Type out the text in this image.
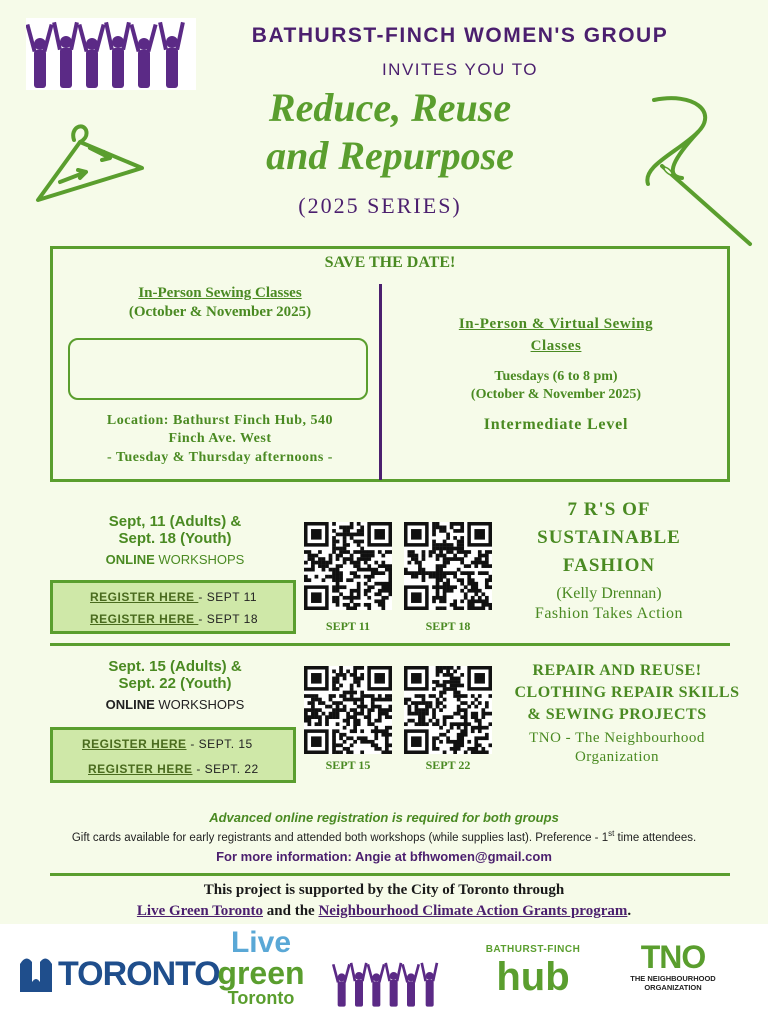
BATHURST-FINCH WOMEN'S GROUP
INVITES YOU TO
Reduce, Reuse
and Repurpose
(2025 SERIES)
SAVE THE DATE!
In-Person Sewing Classes
(October & November 2025)
Location: Bathurst Finch Hub, 540
Finch Ave. West
- Tuesday & Thursday afternoons -
In-Person & Virtual Sewing
Classes
Tuesdays (6 to 8 pm)
(October & November 2025)
Intermediate Level
Sept, 11 (Adults) &
Sept. 18 (Youth)
ONLINE WORKSHOPS
REGISTER HERE - SEPT 11
REGISTER HERE - SEPT 18	SEPT 11	SEPT 18
7 R'S OF
SUSTAINABLE
FASHION
(Kelly Drennan)
Fashion Takes Action
Sept. 15 (Adults) &
Sept. 22 (Youth)
ONLINE WORKSHOPS
REGISTER HERE - SEPT. 15
REGISTER HERE - SEPT. 22	SEPT 15	SEPT 22
REPAIR AND REUSE!
CLOTHING REPAIR SKILLS
& SEWING PROJECTS
TNO - The Neighbourhood
Organization
Advanced online registration is required for both groups
Gift cards available for early registrants and attended both workshops (while supplies last). Preference - 1st time attendees.
For more information: Angie at bfhwomen@gmail.com
This project is supported by the City of Toronto through
Live Green Toronto and the Neighbourhood Climate Action Grants program.
TORONTO
Live
green
Toronto
BATHURST-FINCH
hub	TNO
THE NEIGHBOURHOOD
ORGANIZATION
